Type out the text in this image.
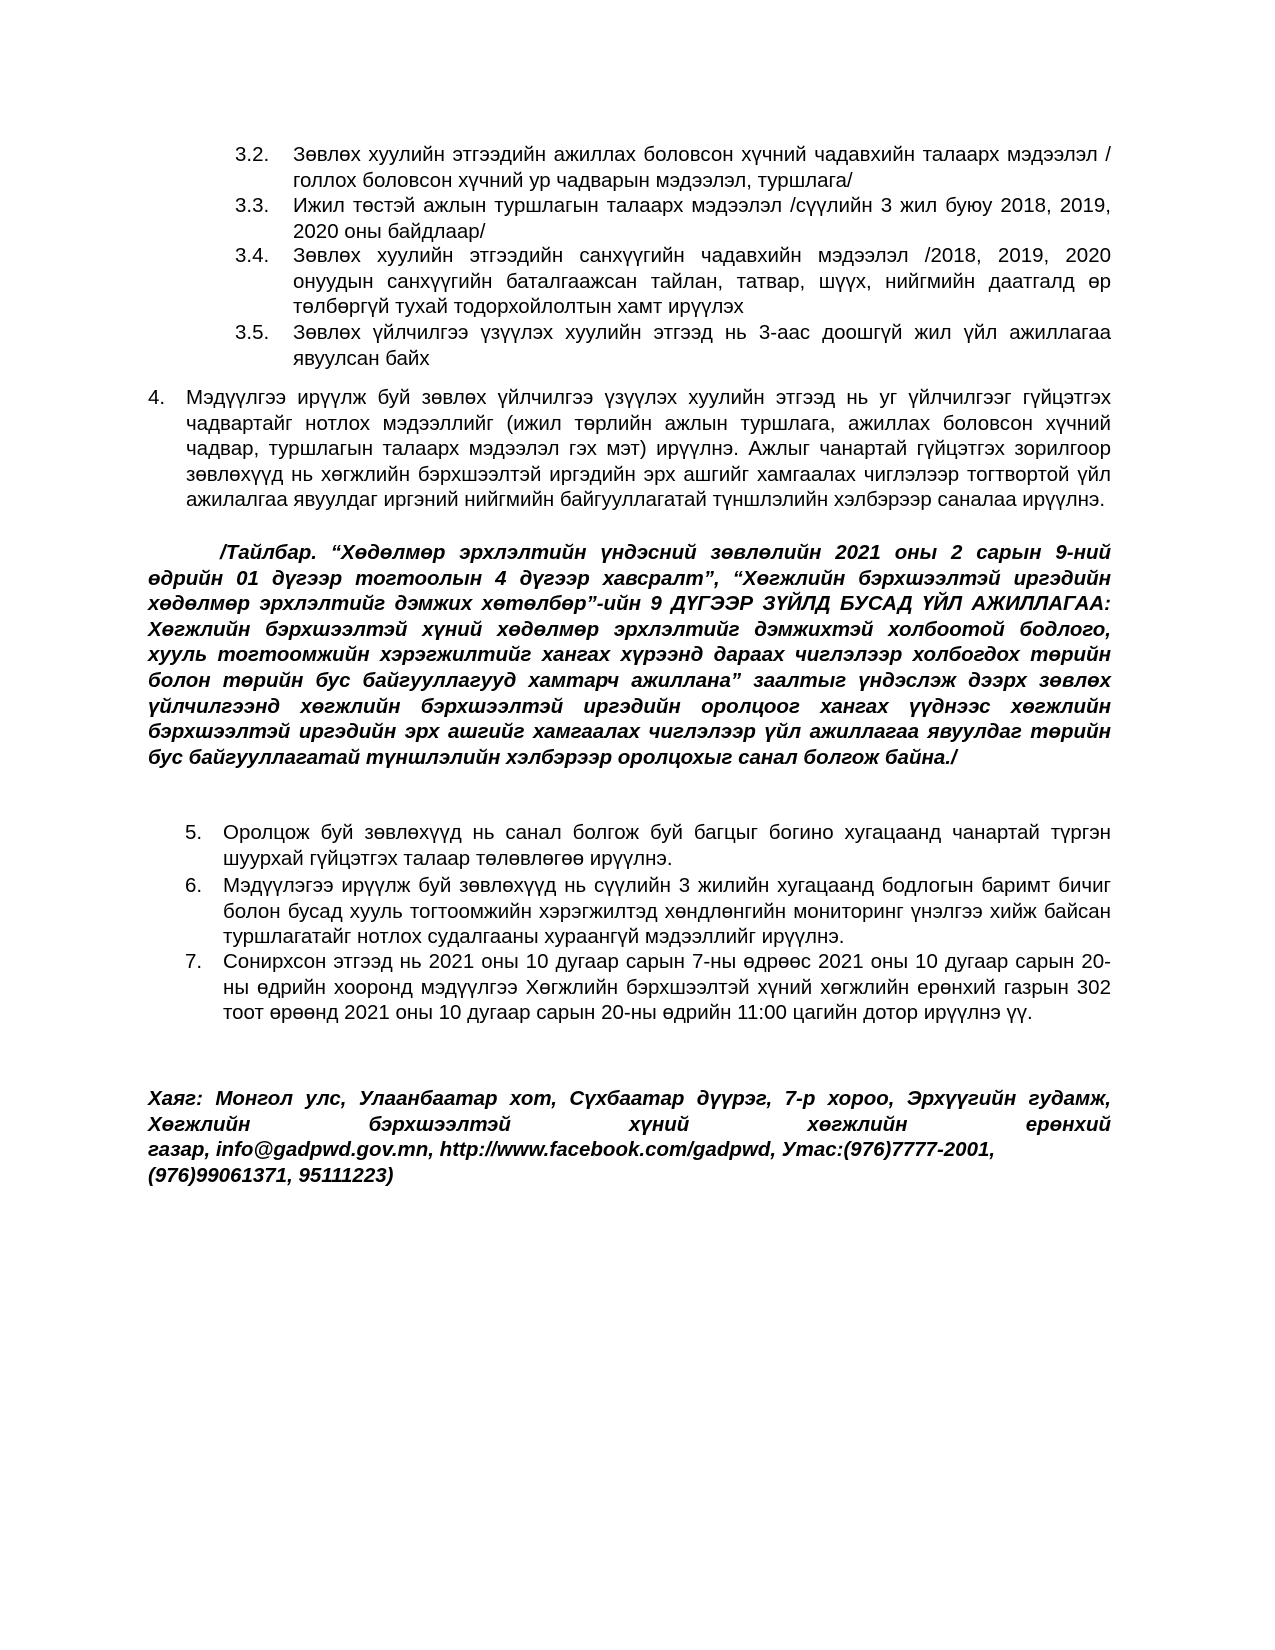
3.2. Зөвлөх хуулийн этгээдийн ажиллах боловсон хүчний чадавхийн талаарх мэдээлэл /голлох боловсон хүчний ур чадварын мэдээлэл, туршлага/
3.3. Ижил төстэй ажлын туршлагын талаарх мэдээлэл /сүүлийн 3 жил буюу 2018, 2019, 2020 оны байдлаар/
3.4. Зөвлөх хуулийн этгээдийн санхүүгийн чадавхийн мэдээлэл /2018, 2019, 2020 онуудын санхүүгийн баталгаажсан тайлан, татвар, шүүх, нийгмийн даатгалд өр төлбөргүй тухай тодорхойлолтын хамт ирүүлэх
3.5. Зөвлөх үйлчилгээ үзүүлэх хуулийн этгээд нь 3-аас доошгүй жил үйл ажиллагаа явуулсан байх
4. Мэдүүлгээ ирүүлж буй зөвлөх үйлчилгээ үзүүлэх хуулийн этгээд нь уг үйлчилгээг гүйцэтгэх чадвартайг нотлох мэдээллийг (ижил төрлийн ажлын туршлага, ажиллах боловсон хүчний чадвар, туршлагын талаарх мэдээлэл гэх мэт) ирүүлнэ. Ажлыг чанартай гүйцэтгэх зорилгоор зөвлөхүүд нь хөгжлийн бэрхшээлтэй иргэдийн эрх ашгийг хамгаалах чиглэлээр тогтвортой үйл ажилалгаа явуулдаг иргэний нийгмийн байгууллагатай түншлэлийн хэлбэрээр саналаа ирүүлнэ.
/Тайлбар. “Хөдөлмөр эрхлэлтийн үндэсний зөвлөлийн 2021 оны 2 сарын 9-ний өдрийн 01 дүгээр тогтоолын 4 дүгээр хавсралт”, “Хөгжлийн бэрхшээлтэй иргэдийн хөдөлмөр эрхлэлтийг дэмжих хөтөлбөр”-ийн 9 ДҮГЭЭР ЗҮЙЛД БУСАД ҮЙЛ АЖИЛЛАГАА: Хөгжлийн бэрхшээлтэй хүний хөдөлмөр эрхлэлтийг дэмжихтэй холбоотой бодлого, хууль тогтоомжийн хэрэгжилтийг хангах хүрээнд дараах чиглэлээр холбогдох төрийн болон төрийн бус байгууллагууд хамтарч ажиллана” заалтыг үндэслэж дээрх зөвлөх үйлчилгээнд хөгжлийн бэрхшээлтэй иргэдийн оролцоог хангах үүднээс хөгжлийн бэрхшээлтэй иргэдийн эрх ашгийг хамгаалах чиглэлээр үйл ажиллагаа явуулдаг төрийн бус байгууллагатай түншлэлийн хэлбэрээр оролцохыг санал болгож байна./
5. Оролцож буй зөвлөхүүд нь санал болгож буй багцыг богино хугацаанд чанартай түргэн шуурхай гүйцэтгэх талаар төлөвлөгөө ирүүлнэ.
6. Мэдүүлэгээ ирүүлж буй зөвлөхүүд нь сүүлийн 3 жилийн хугацаанд бодлогын баримт бичиг болон бусад хууль тогтоомжийн хэрэгжилтэд хөндлөнгийн мониторинг үнэлгээ хийж байсан туршлагатайг нотлох судалгааны хураангүй мэдээллийг ирүүлнэ.
7. Сонирхсон этгээд нь 2021 оны 10 дугаар сарын 7-ны өдрөөс 2021 оны 10 дугаар сарын 20-ны өдрийн хооронд мэдүүлгээ Хөгжлийн бэрхшээлтэй хүний хөгжлийн ерөнхий газрын 302 тоот өрөөнд 2021 оны 10 дугаар сарын 20-ны өдрийн 11:00 цагийн дотор ирүүлнэ үү.
Хаяг: Монгол улс, Улаанбаатар хот, Сүхбаатар дүүрэг, 7-р хороо, Эрхүүгийн гудамж, Хөгжлийн бэрхшээлтэй хүний хөгжлийн ерөнхий
газар, info@gadpwd.gov.mn, http://www.facebook.com/gadpwd, Утас:(976)7777-2001,
(976)99061371, 95111223)
